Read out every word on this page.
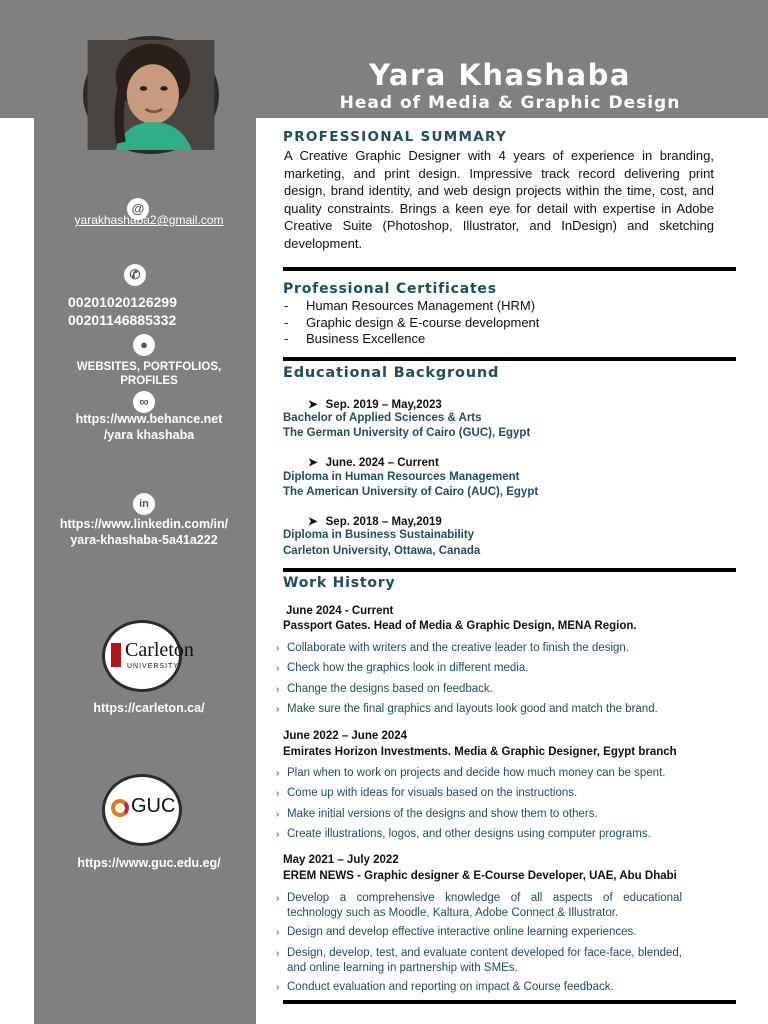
Yara Khashaba
Head of Media & Graphic Design
@
yarakhashaba2@gmail.com
✆
00201020126299
00201146885332
●
WEBSITES, PORTFOLIOS,
PROFILES
∞
https://www.behance.net
/yara khashaba
in
https://www.linkedin.com/in/
yara-khashaba-5a41a222
Carleton
UNIVERSITY
https://carleton.ca/
GUC
https://www.guc.edu.eg/
PROFESSIONAL SUMMARY
A Creative Graphic Designer with 4 years of experience in branding, marketing, and print design. Impressive track record delivering print design, brand identity, and web design projects within the time, cost, and quality constraints. Brings a keen eye for detail with expertise in Adobe Creative Suite (Photoshop, Illustrator, and InDesign) and sketching development.
Professional Certificates
- Human Resources Management (HRM)
- Graphic design & E-course development
- Business Excellence
Educational Background
➤ Sep. 2019 – May,2023
Bachelor of Applied Sciences & Arts
The German University of Cairo (GUC), Egypt
➤ June. 2024 – Current
Diploma in Human Resources Management
The American University of Cairo (AUC), Egypt
➤ Sep. 2018 – May,2019
Diploma in Business Sustainability
Carleton University, Ottawa, Canada
Work History
June 2024 - Current
Passport Gates. Head of Media & Graphic Design, MENA Region.
› Collaborate with writers and the creative leader to finish the design.
› Check how the graphics look in different media.
› Change the designs based on feedback.
› Make sure the final graphics and layouts look good and match the brand.
June 2022 – June 2024
Emirates Horizon Investments. Media & Graphic Designer, Egypt branch
› Plan when to work on projects and decide how much money can be spent.
› Come up with ideas for visuals based on the instructions.
› Make initial versions of the designs and show them to others.
› Create illustrations, logos, and other designs using computer programs.
May 2021 – July 2022
EREM NEWS - Graphic designer & E-Course Developer, UAE, Abu Dhabi
› Develop a comprehensive knowledge of all aspects of educational technology such as Moodle, Kaltura, Adobe Connect & Illustrator.
› Design and develop effective interactive online learning experiences.
› Design, develop, test, and evaluate content developed for face-face, blended, and online learning in partnership with SMEs.
› Conduct evaluation and reporting on impact & Course feedback.
